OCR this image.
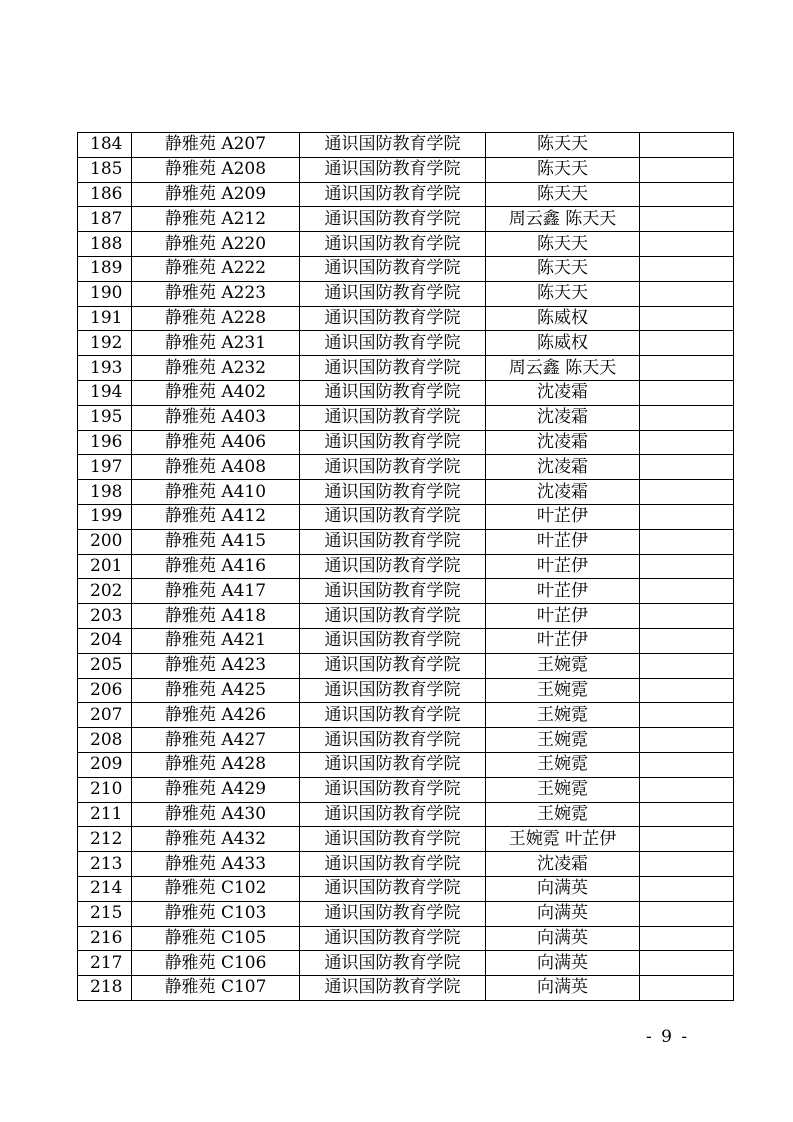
184	静雅苑 A207	通识国防教育学院	陈天天	
185	静雅苑 A208	通识国防教育学院	陈天天	
186	静雅苑 A209	通识国防教育学院	陈天天	
187	静雅苑 A212	通识国防教育学院	周云鑫 陈天天	
188	静雅苑 A220	通识国防教育学院	陈天天	
189	静雅苑 A222	通识国防教育学院	陈天天	
190	静雅苑 A223	通识国防教育学院	陈天天	
191	静雅苑 A228	通识国防教育学院	陈威权	
192	静雅苑 A231	通识国防教育学院	陈威权	
193	静雅苑 A232	通识国防教育学院	周云鑫 陈天天	
194	静雅苑 A402	通识国防教育学院	沈凌霜	
195	静雅苑 A403	通识国防教育学院	沈凌霜	
196	静雅苑 A406	通识国防教育学院	沈凌霜	
197	静雅苑 A408	通识国防教育学院	沈凌霜	
198	静雅苑 A410	通识国防教育学院	沈凌霜	
199	静雅苑 A412	通识国防教育学院	叶芷伊	
200	静雅苑 A415	通识国防教育学院	叶芷伊	
201	静雅苑 A416	通识国防教育学院	叶芷伊	
202	静雅苑 A417	通识国防教育学院	叶芷伊	
203	静雅苑 A418	通识国防教育学院	叶芷伊	
204	静雅苑 A421	通识国防教育学院	叶芷伊	
205	静雅苑 A423	通识国防教育学院	王婉霓	
206	静雅苑 A425	通识国防教育学院	王婉霓	
207	静雅苑 A426	通识国防教育学院	王婉霓	
208	静雅苑 A427	通识国防教育学院	王婉霓	
209	静雅苑 A428	通识国防教育学院	王婉霓	
210	静雅苑 A429	通识国防教育学院	王婉霓	
211	静雅苑 A430	通识国防教育学院	王婉霓	
212	静雅苑 A432	通识国防教育学院	王婉霓 叶芷伊	
213	静雅苑 A433	通识国防教育学院	沈凌霜	
214	静雅苑 C102	通识国防教育学院	向满英	
215	静雅苑 C103	通识国防教育学院	向满英	
216	静雅苑 C105	通识国防教育学院	向满英	
217	静雅苑 C106	通识国防教育学院	向满英	
218	静雅苑 C107	通识国防教育学院	向满英	
- 9 -
